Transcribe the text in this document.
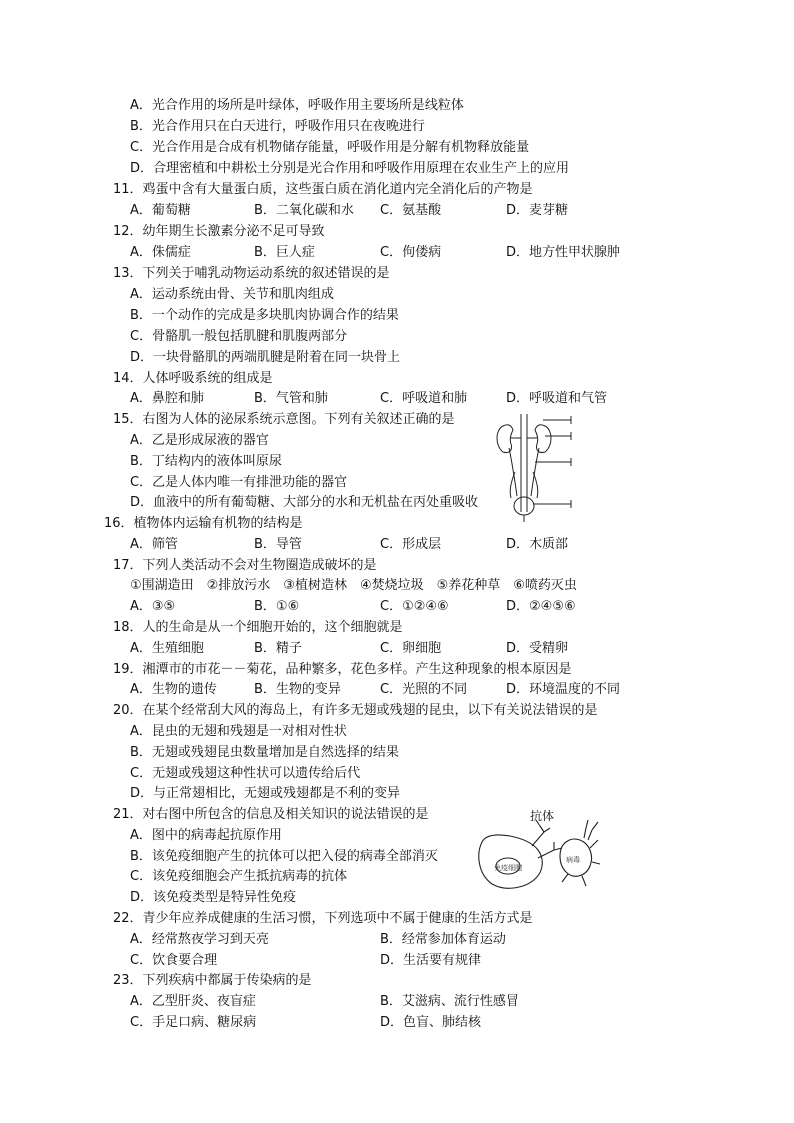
A．光合作用的场所是叶绿体，呼吸作用主要场所是线粒体
B．光合作用只在白天进行，呼吸作用只在夜晚进行
C．光合作用是合成有机物储存能量，呼吸作用是分解有机物释放能量
D．合理密植和中耕松土分别是光合作用和呼吸作用原理在农业生产上的应用
11．鸡蛋中含有大量蛋白质，这些蛋白质在消化道内完全消化后的产物是
A．葡萄糖	B．二氧化碳和水 C．氨基酸	D．麦芽糖
12．幼年期生长激素分泌不足可导致
A．侏儒症	B．巨人症	C．佝偻病	D．地方性甲状腺肿
13．下列关于哺乳动物运动系统的叙述错误的是
A．运动系统由骨、关节和肌肉组成
B．一个动作的完成是多块肌肉协调合作的结果
C．骨骼肌一般包括肌腱和肌腹两部分
D．一块骨骼肌的两端肌腱是附着在同一块骨上
14．人体呼吸系统的组成是
A．鼻腔和肺	B．气管和肺	C．呼吸道和肺	D．呼吸道和气管
15．右图为人体的泌尿系统示意图。下列有关叙述正确的是
A．乙是形成尿液的器官
B．丁结构内的液体叫原尿
C．乙是人体内唯一有排泄功能的器官
D．血液中的所有葡萄糖、大部分的水和无机盐在丙处重吸收
16．植物体内运输有机物的结构是
A．筛管	B．导管	C．形成层	D．木质部
17．下列人类活动不会对生物圈造成破坏的是
①围湖造田　②排放污水　③植树造林　④焚烧垃圾　⑤养花种草　⑥喷药灭虫
A．③⑤	B．①⑥	C．①②④⑥	D．②④⑤⑥
18．人的生命是从一个细胞开始的，这个细胞就是
A．生殖细胞	B．精子	C．卵细胞	D．受精卵
19．湘潭市的市花－－菊花，品种繁多，花色多样。产生这种现象的根本原因是
A．生物的遗传	B．生物的变异	C．光照的不同	D．环境温度的不同
20．在某个经常刮大风的海岛上，有许多无翅或残翅的昆虫，以下有关说法错误的是
A．昆虫的无翅和残翅是一对相对性状
B．无翅或残翅昆虫数量增加是自然选择的结果
C．无翅或残翅这种性状可以遗传给后代
D．与正常翅相比，无翅或残翅都是不利的变异
21．对右图中所包含的信息及相关知识的说法错误的是
A．图中的病毒起抗原作用
B．该免疫细胞产生的抗体可以把入侵的病毒全部消灭
C．该免疫细胞会产生抵抗病毒的抗体
D．该免疫类型是特异性免疫
抗体
免疫细胞
病毒
22．青少年应养成健康的生活习惯，下列选项中不属于健康的生活方式是
A．经常熬夜学习到天亮	B．经常参加体育运动
C．饮食要合理	D．生活要有规律
23．下列疾病中都属于传染病的是
A．乙型肝炎、夜盲症	B．艾滋病、流行性感冒
C．手足口病、糖尿病	D．色盲、肺结核
